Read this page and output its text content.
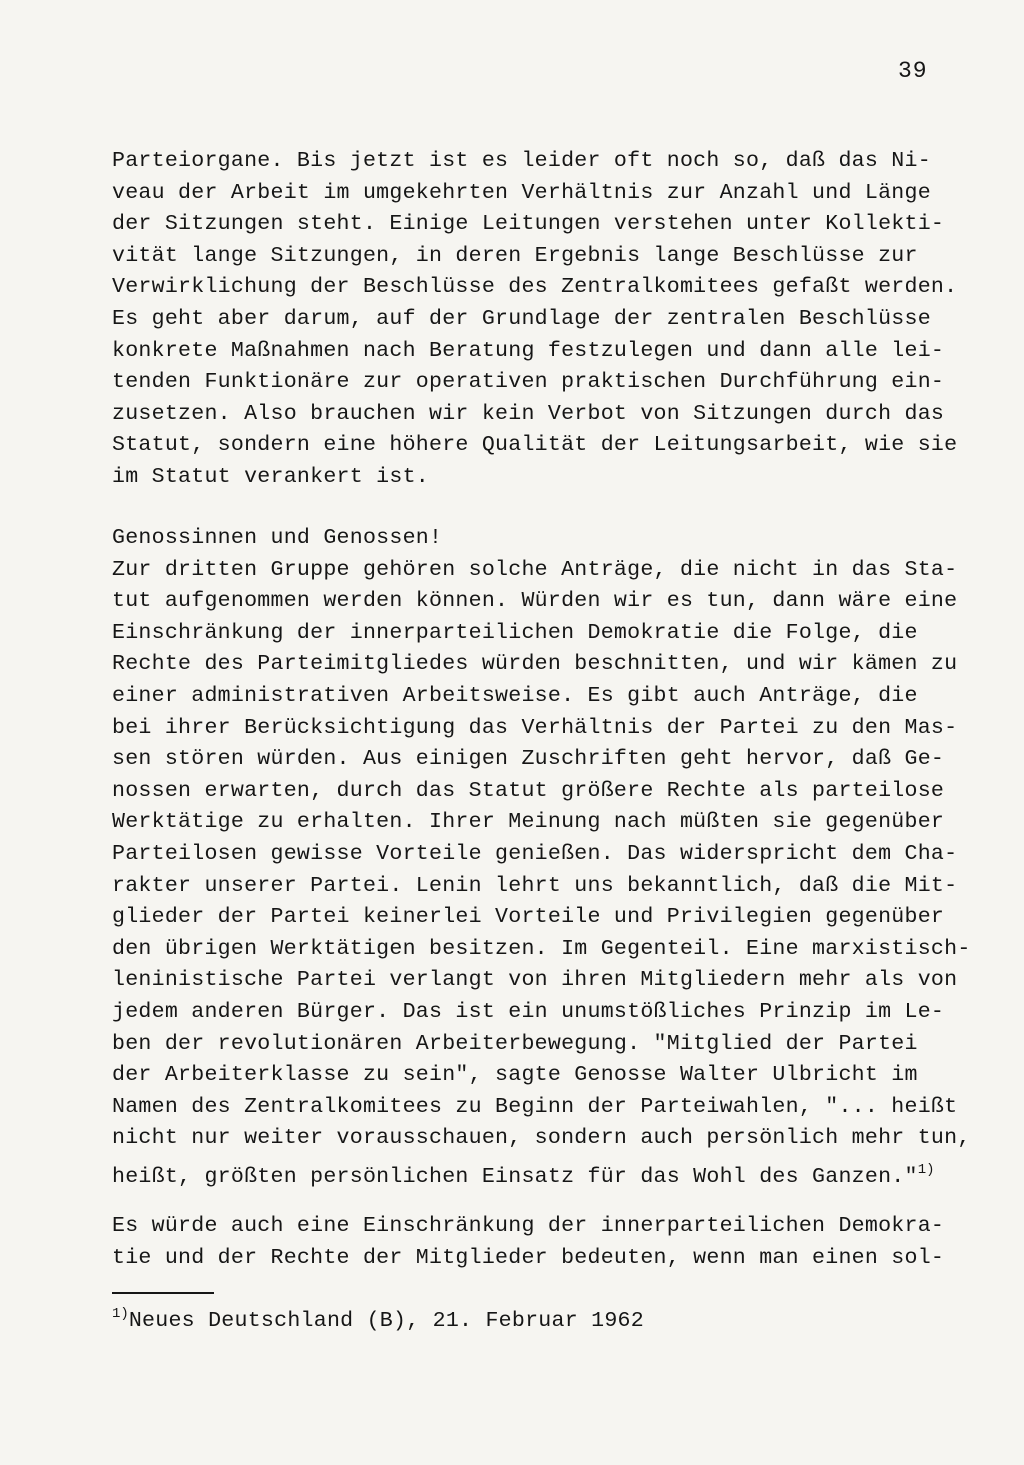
39
Parteiorgane. Bis jetzt ist es leider oft noch so, daß das Ni-
veau der Arbeit im umgekehrten Verhältnis zur Anzahl und Länge
der Sitzungen steht. Einige Leitungen verstehen unter Kollekti-
vität lange Sitzungen, in deren Ergebnis lange Beschlüsse zur
Verwirklichung der Beschlüsse des Zentralkomitees gefaßt werden.
Es geht aber darum, auf der Grundlage der zentralen Beschlüsse
konkrete Maßnahmen nach Beratung festzulegen und dann alle lei-
tenden Funktionäre zur operativen praktischen Durchführung ein-
zusetzen. Also brauchen wir kein Verbot von Sitzungen durch das
Statut, sondern eine höhere Qualität der Leitungsarbeit, wie sie
im Statut verankert ist.
Genossinnen und Genossen!
Zur dritten Gruppe gehören solche Anträge, die nicht in das Sta-
tut aufgenommen werden können. Würden wir es tun, dann wäre eine
Einschränkung der innerparteilichen Demokratie die Folge, die
Rechte des Parteimitgliedes würden beschnitten, und wir kämen zu
einer administrativen Arbeitsweise. Es gibt auch Anträge, die
bei ihrer Berücksichtigung das Verhältnis der Partei zu den Mas-
sen stören würden. Aus einigen Zuschriften geht hervor, daß Ge-
nossen erwarten, durch das Statut größere Rechte als parteilose
Werktätige zu erhalten. Ihrer Meinung nach müßten sie gegenüber
Parteilosen gewisse Vorteile genießen. Das widerspricht dem Cha-
rakter unserer Partei. Lenin lehrt uns bekanntlich, daß die Mit-
glieder der Partei keinerlei Vorteile und Privilegien gegenüber
den übrigen Werktätigen besitzen. Im Gegenteil. Eine marxistisch-
leninistische Partei verlangt von ihren Mitgliedern mehr als von
jedem anderen Bürger. Das ist ein unumstößliches Prinzip im Le-
ben der revolutionären Arbeiterbewegung. "Mitglied der Partei
der Arbeiterklasse zu sein", sagte Genosse Walter Ulbricht im
Namen des Zentralkomitees zu Beginn der Parteiwahlen, "... heißt
nicht nur weiter vorausschauen, sondern auch persönlich mehr tun,
heißt, größten persönlichen Einsatz für das Wohl des Ganzen."$^{1)}$
Es würde auch eine Einschränkung der innerparteilichen Demokra-
tie und der Rechte der Mitglieder bedeuten, wenn man einen sol-
$^{1)}$Neues Deutschland (B), 21. Februar 1962
